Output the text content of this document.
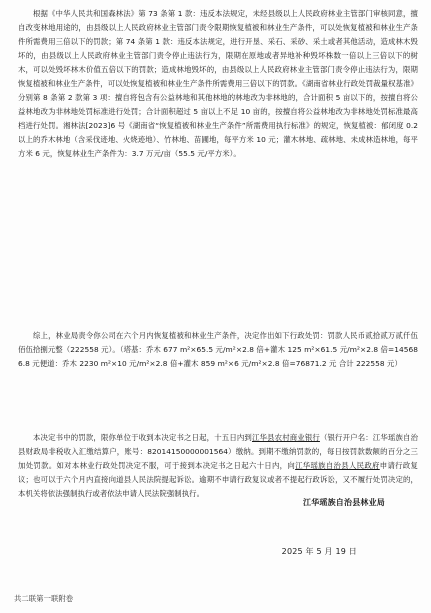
根据《中华人民共和国森林法》第 73 条第 1 款：违反本法规定，未经县级以上人民政府林业主管部门审核同意，擅自改变林地用途的，由县级以上人民政府林业主管部门责令限期恢复植被和林业生产条件，可以处恢复植被和林业生产条件所需费用三倍以下的罚款；第 74 条第 1 款：违反本法规定，进行开垦、采石、采砂、采土或者其他活动，造成林木毁坏的，由县级以上人民政府林业主管部门责令停止违法行为，限期在原地或者异地补种毁坏株数一倍以上三倍以下的树木，可以处毁坏林木价值五倍以下的罚款；造成林地毁坏的，由县级以上人民政府林业主管部门责令停止违法行为，限期恢复植被和林业生产条件，可以处恢复植被和林业生产条件所需费用三倍以下的罚款。《湖南省林业行政处罚裁量权基准》分别第 8 条第 2 款第 3 项：擅自将包含有公益林地和其他林地的林地改为非林地的，合计面积 5 亩以下的，按擅自将公益林地改为非林地处罚标准进行处罚；合计面积超过 5 亩以上不足 10 亩的，按擅自将公益林地改为非林地处罚标准最高档进行处罚。湘林法[2023]6 号《湖南省“恢复植被和林业生产条件”所需费用执行标准》的规定，恢复植被：郁闭度 0.2 以上的乔木林地（含采伐迹地、火烧迹地）、竹林地、苗圃地，每平方米 10 元；灌木林地、疏林地、未成林造林地，每平方米 6 元，恢复林业生产条件为：3.7 万元/亩（55.5 元/平方米）。
综上，林业局责令你公司在六个月内恢复植被和林业生产条件，决定作出如下行政处罚：罚款人民币贰拾贰万贰仟伍佰伍拾捌元整（222558 元）。（塔基：乔木 677 m²×65.5 元/m²×2.8 倍+灌木 125 m²×61.5 元/m²×2.8 倍=145686.8 元便道：乔木 2230 m²×10 元/m²×2.8 倍+灌木 859 m²×6 元/m²×2.8 倍=76871.2 元 合计 222558 元）
本决定书中的罚款，限你单位于收到本决定书之日起，十五日内到江华县农村商业银行（银行开户名：江华瑶族自治县财政局非税收入汇缴结算户，账号：82014150000001564）缴纳。到期不缴纳罚款的，每日按罚款数额的百分之三加处罚款。如对本林业行政处罚决定不服，可于接到本决定书之日起六十日内，向江华瑶族自治县人民政府申请行政复议；也可以于六个月内直接向道县人民法院提起诉讼。逾期不申请行政复议或者不提起行政诉讼，又不履行处罚决定的，本机关将依法强制执行或者依法申请人民法院强制执行。
江华瑶族自治县林业局
2025 年 5 月 19 日
共二联第一联附卷
